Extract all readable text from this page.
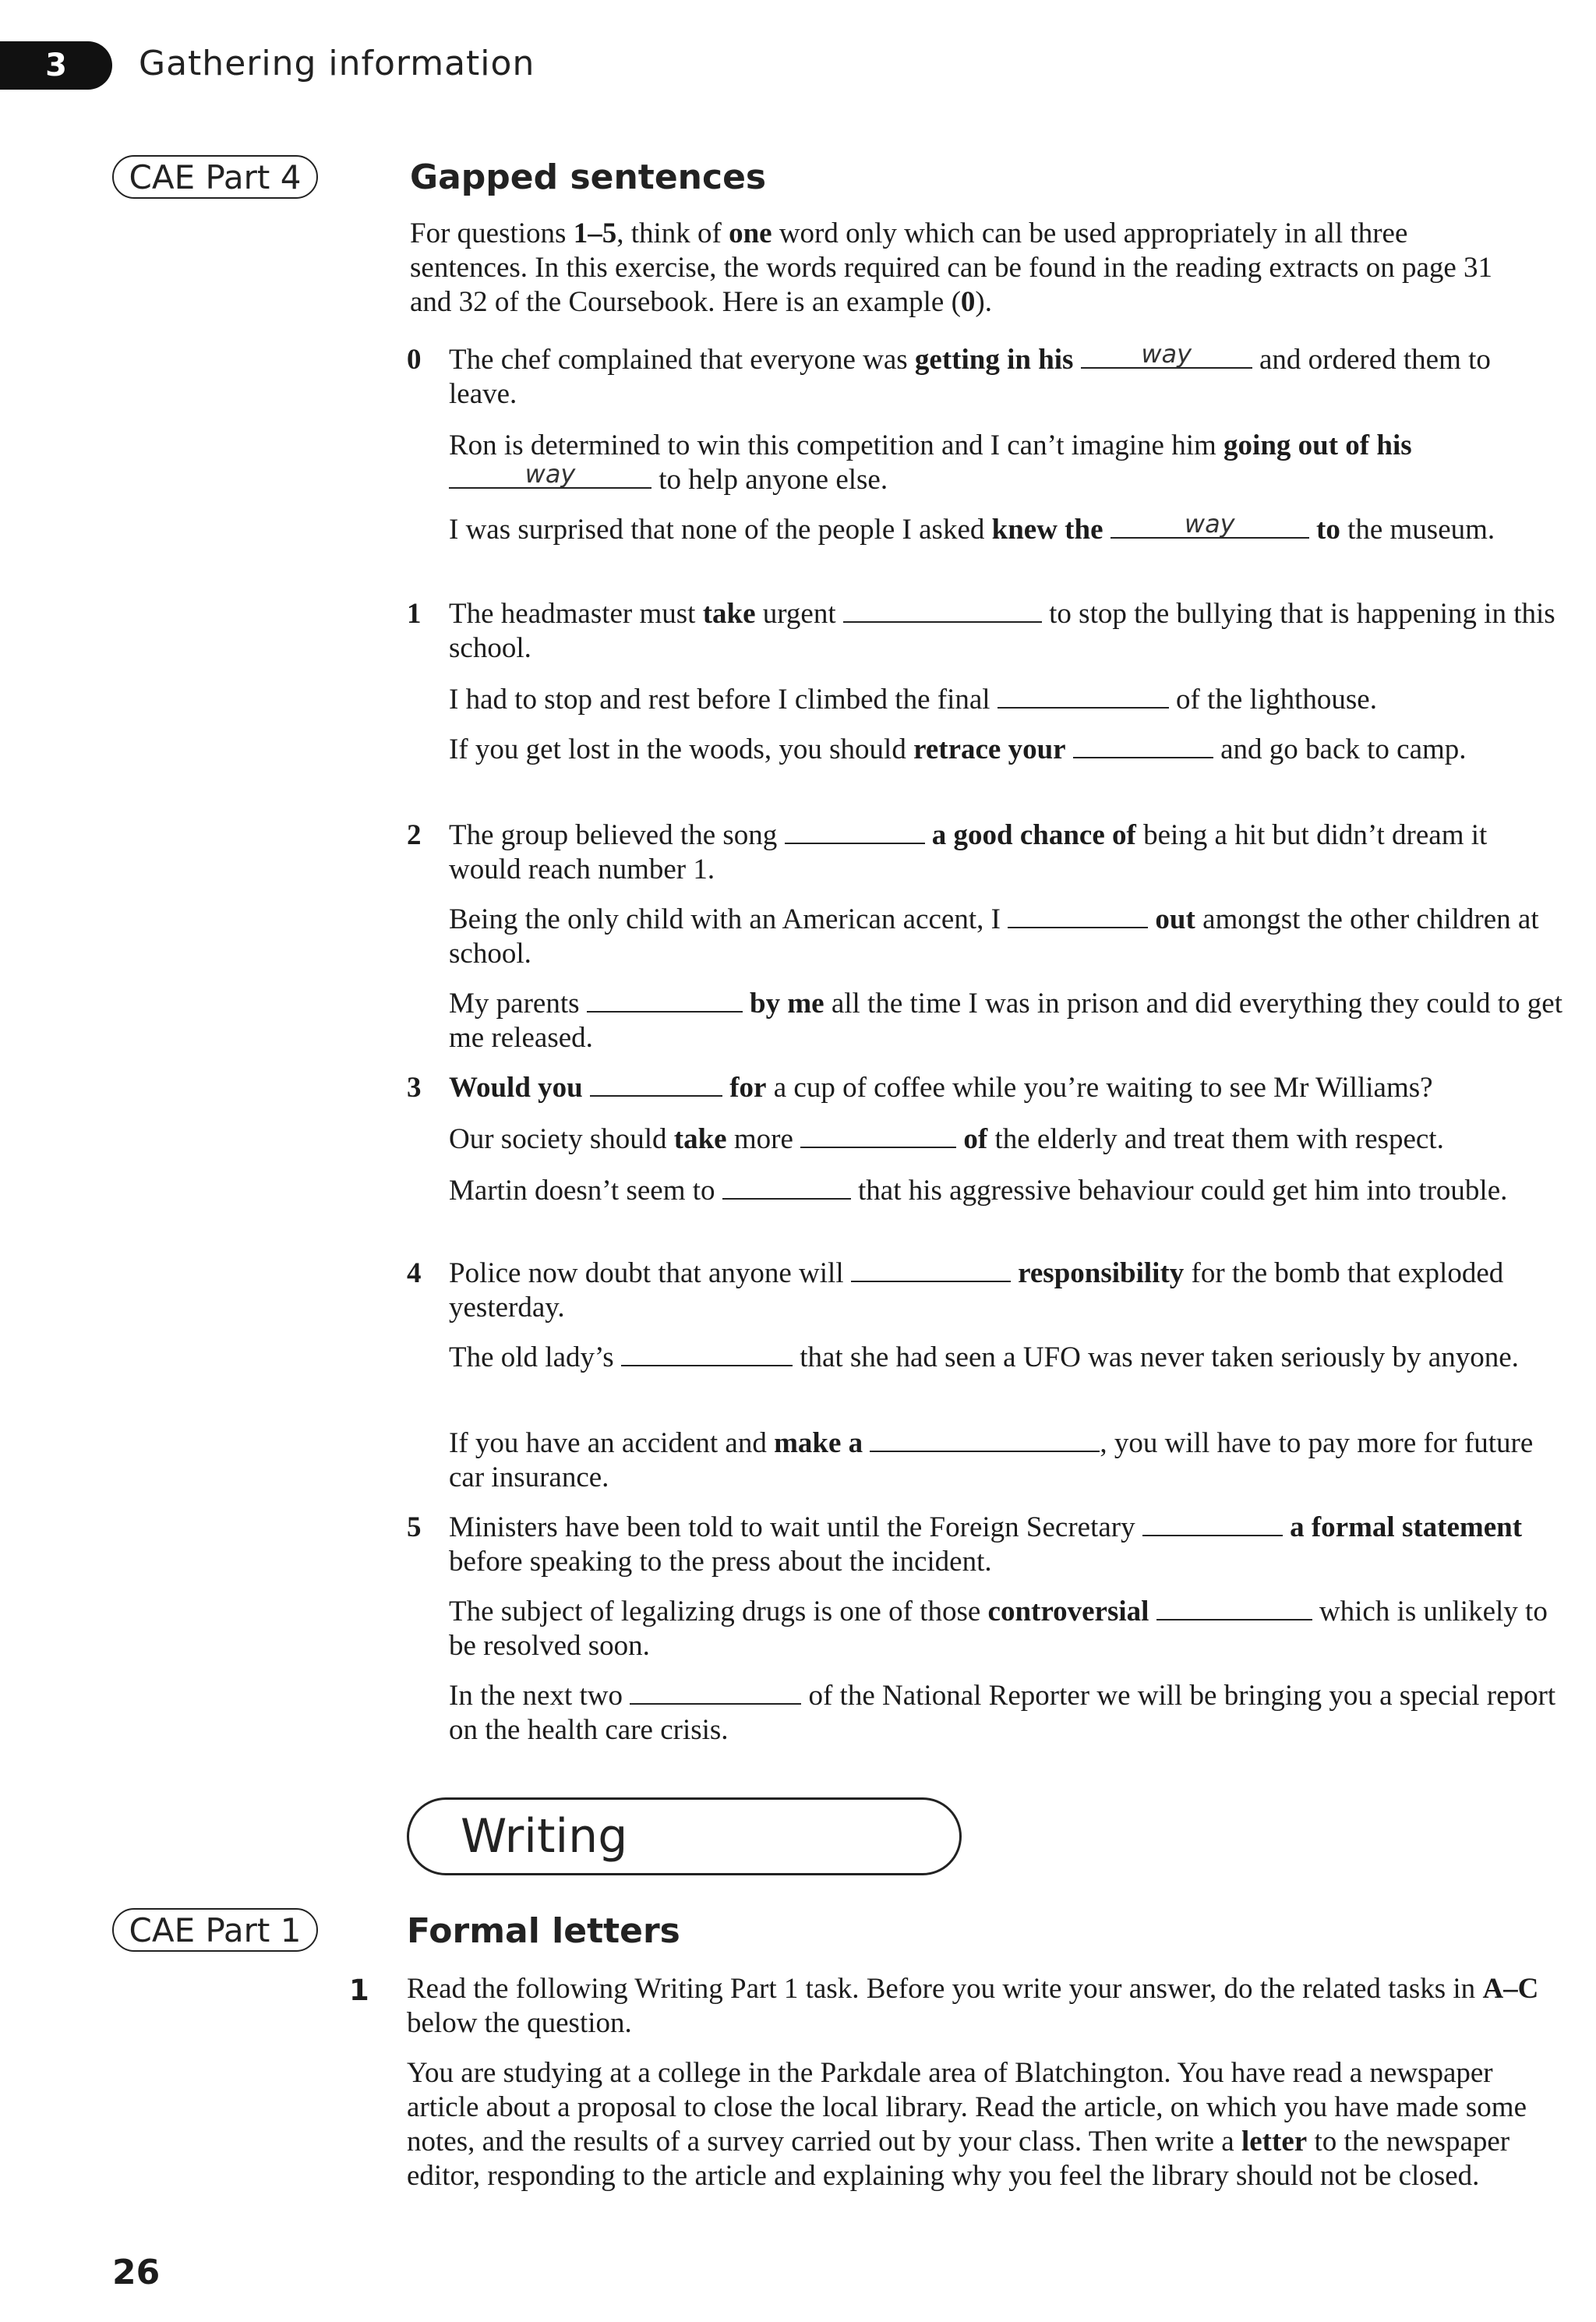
3	Gathering information
CAE Part 4	Gapped sentences

For questions 1–5, think of one word only which can be used appropriately in all three sentences. In this exercise, the words required can be found in the reading extracts on page 31 and 32 of the Coursebook. Here is an example (0).

0 The chef complained that everyone was getting in his	way	and ordered them to leave.

Ron is determined to win this competition and I can’t imagine him going out of his
way	to help anyone else.

I was surprised that none of the people I asked knew the	way	to the museum.

1 The headmaster must take urgent	to stop the bullying that is happening in this school.

I had to stop and rest before I climbed the final	of the lighthouse.

If you get lost in the woods, you should retrace your	and go back to camp.

2 The group believed the song	a good chance of being a hit but didn’t dream it would reach number 1.

Being the only child with an American accent, I	out amongst the other children at school.

My parents	by me all the time I was in prison and did everything they could to get me released.

3 Would you	for a cup of coffee while you’re waiting to see Mr Williams?

Our society should take more	of the elderly and treat them with respect.

Martin doesn’t seem to	that his aggressive behaviour could get him into trouble.

4 Police now doubt that anyone will	responsibility for the bomb that exploded yesterday.

The old lady’s	that she had seen a UFO was never taken seriously by anyone.

If you have an accident and make a	, you will have to pay more for future car insurance.

5 Ministers have been told to wait until the Foreign Secretary	a formal statement before speaking to the press about the incident.

The subject of legalizing drugs is one of those controversial	which is unlikely to be resolved soon.

In the next two	of the National Reporter we will be bringing you a special report on the health care crisis.

Writing
CAE Part 1	Formal letters
1 Read the following Writing Part 1 task. Before you write your answer, do the related tasks in A–C below the question.

You are studying at a college in the Parkdale area of Blatchington. You have read a newspaper article about a proposal to close the local library. Read the article, on which you have made some notes, and the results of a survey carried out by your class. Then write a letter to the newspaper editor, responding to the article and explaining why you feel the library should not be closed.

26
